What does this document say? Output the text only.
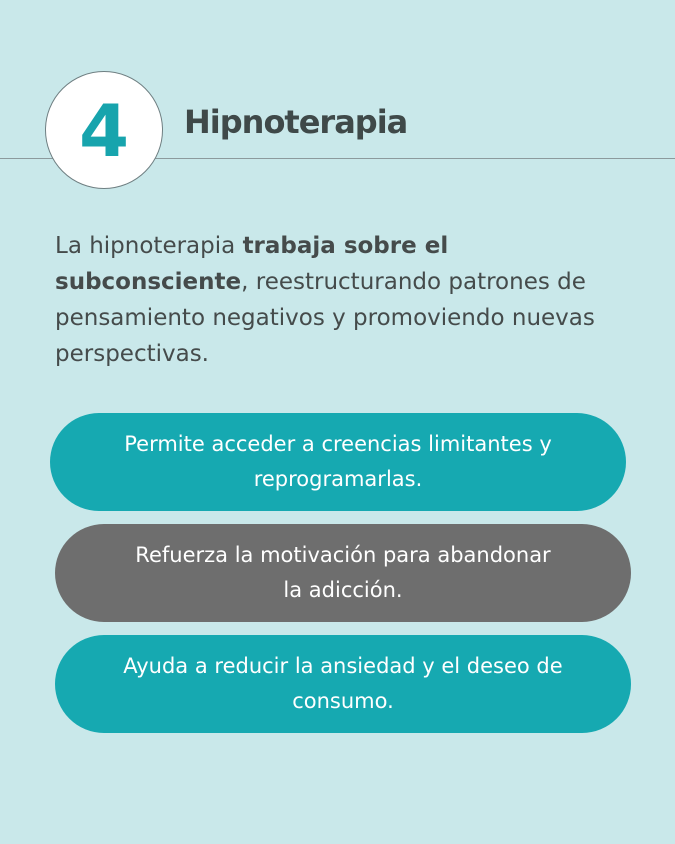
4 Hipnoterapia

La hipnoterapia trabaja sobre el subconsciente, reestructurando patrones de pensamiento negativos y promoviendo nuevas perspectivas.

Permite acceder a creencias limitantes y
reprogramarlas.
Refuerza la motivación para abandonar
la adicción.
Ayuda a reducir la ansiedad y el deseo de
consumo.
